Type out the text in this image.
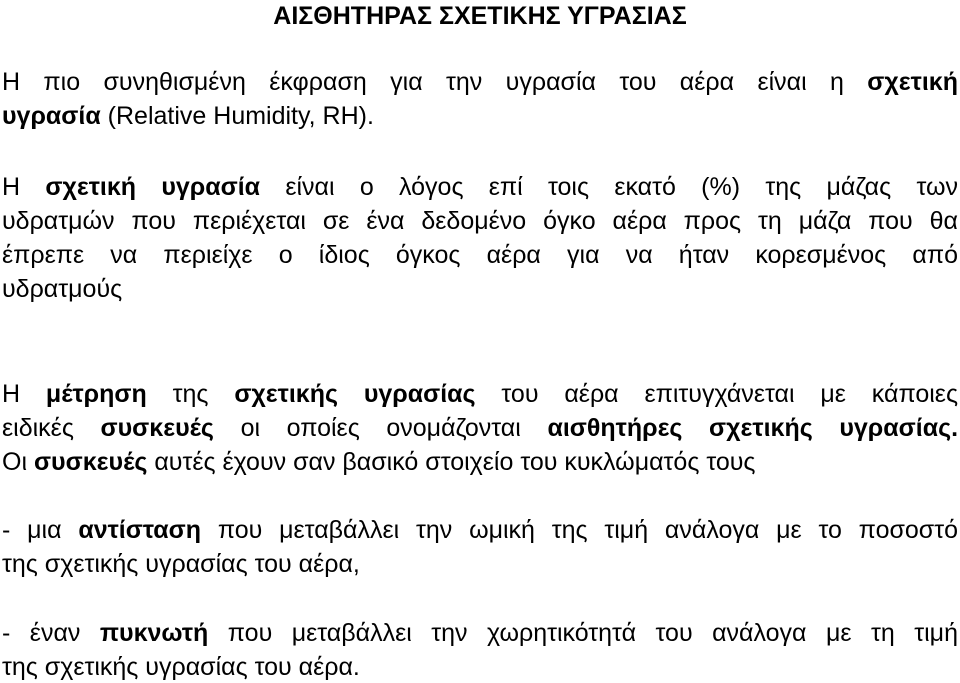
ΑΙΣΘΗΤΗΡΑΣ ΣΧΕΤΙΚΗΣ ΥΓΡΑΣΙΑΣ
Η πιο συνηθισμένη έκφραση για την υγρασία του αέρα είναι η σχετική
υγρασία (Relative Humidity, RH).
Η σχετική υγρασία είναι ο λόγος επί τοις εκατό (%) της μάζας των
υδρατμών που περιέχεται σε ένα δεδομένο όγκο αέρα προς τη μάζα που θα
έπρεπε να περιείχε ο ίδιος όγκος αέρα για να ήταν κορεσμένος από
υδρατμούς
Η μέτρηση της σχετικής υγρασίας του αέρα επιτυγχάνεται με κάποιες
ειδικές συσκευές οι οποίες ονομάζονται αισθητήρες σχετικής υγρασίας.
Οι συσκευές αυτές έχουν σαν βασικό στοιχείο του κυκλώματός τους
- μια αντίσταση που μεταβάλλει την ωμική της τιμή ανάλογα με το ποσοστό
της σχετικής υγρασίας του αέρα,
- έναν πυκνωτή που μεταβάλλει την χωρητικότητά του ανάλογα με τη τιμή
της σχετικής υγρασίας του αέρα.
